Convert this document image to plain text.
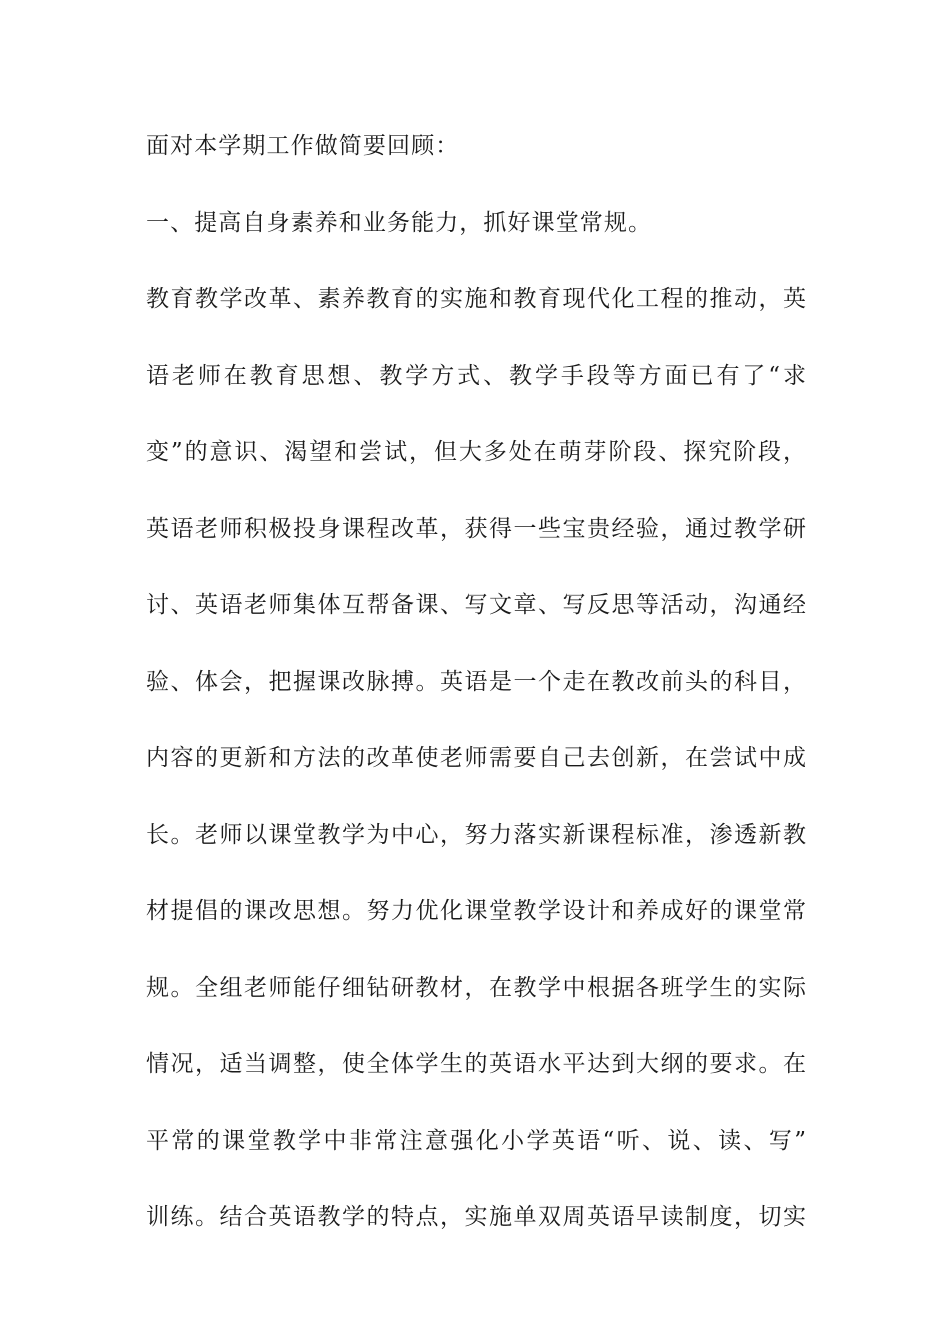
面对本学期工作做简要回顾：
一、提高自身素养和业务能力，抓好课堂常规。
教育教学改革、素养教育的实施和教育现代化工程的推动，英
语老师在教育思想、教学方式、教学手段等方面已有了“求
变”的意识、渴望和尝试，但大多处在萌芽阶段、探究阶段，
英语老师积极投身课程改革，获得一些宝贵经验，通过教学研
讨、英语老师集体互帮备课、写文章、写反思等活动，沟通经
验、体会，把握课改脉搏。英语是一个走在教改前头的科目，
内容的更新和方法的改革使老师需要自己去创新，在尝试中成
长。老师以课堂教学为中心，努力落实新课程标准，渗透新教
材提倡的课改思想。努力优化课堂教学设计和养成好的课堂常
规。全组老师能仔细钻研教材，在教学中根据各班学生的实际
情况，适当调整，使全体学生的英语水平达到大纲的要求。在
平常的课堂教学中非常注意强化小学英语“听、说、读、写”
训练。结合英语教学的特点，实施单双周英语早读制度，切实
